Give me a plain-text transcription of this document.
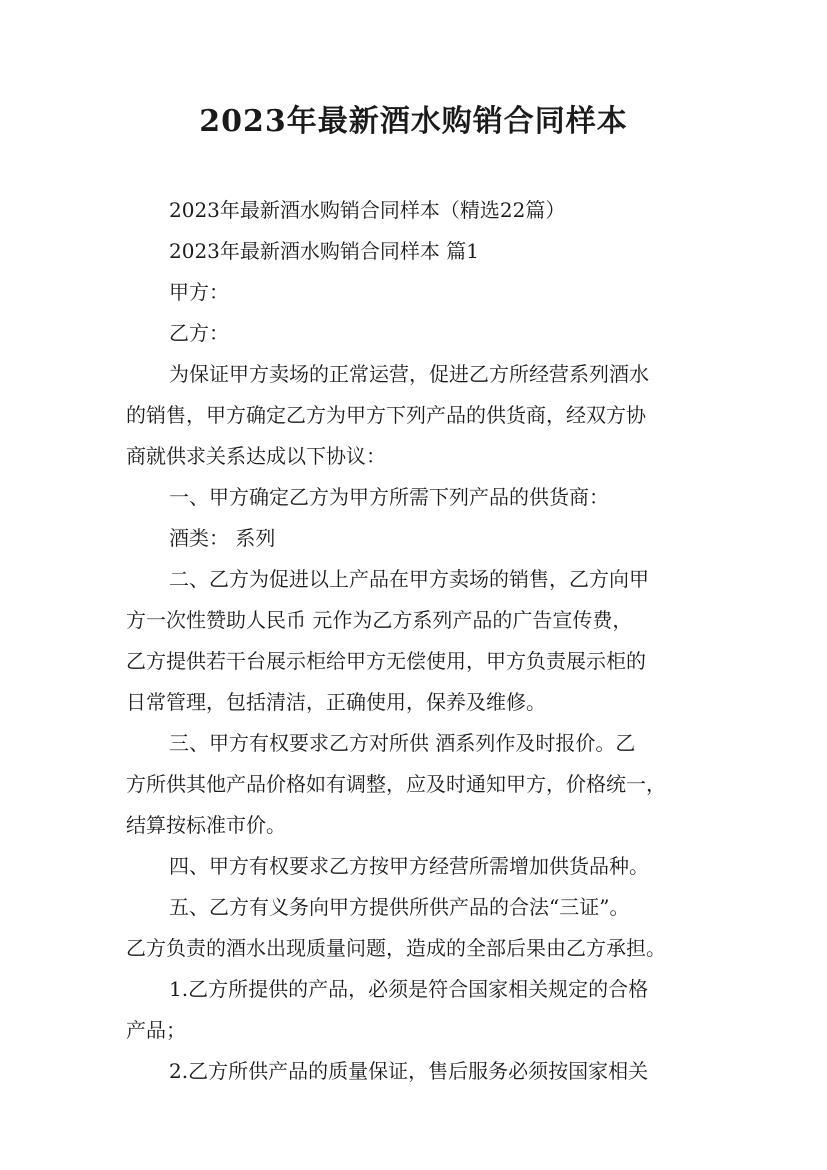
2023年最新酒水购销合同样本
2023年最新酒水购销合同样本（精选22篇）
2023年最新酒水购销合同样本 篇1
甲方：
乙方：
为保证甲方卖场的正常运营，促进乙方所经营系列酒水
的销售，甲方确定乙方为甲方下列产品的供货商，经双方协
商就供求关系达成以下协议：
一、甲方确定乙方为甲方所需下列产品的供货商：
酒类： 系列
二、乙方为促进以上产品在甲方卖场的销售，乙方向甲
方一次性赞助人民币 元作为乙方系列产品的广告宣传费，
乙方提供若干台展示柜给甲方无偿使用，甲方负责展示柜的
日常管理，包括清洁，正确使用，保养及维修。
三、甲方有权要求乙方对所供 酒系列作及时报价。乙
方所供其他产品价格如有调整，应及时通知甲方，价格统一，
结算按标准市价。
四、甲方有权要求乙方按甲方经营所需增加供货品种。
五、乙方有义务向甲方提供所供产品的合法“三证”。
乙方负责的酒水出现质量问题，造成的全部后果由乙方承担。
1.乙方所提供的产品，必须是符合国家相关规定的合格
产品；
2.乙方所供产品的质量保证，售后服务必须按国家相关
